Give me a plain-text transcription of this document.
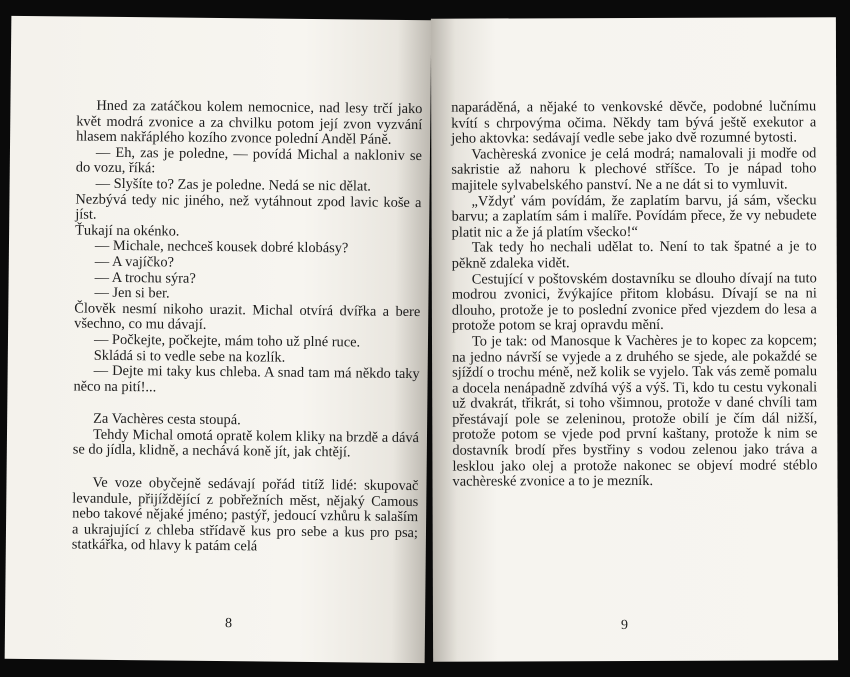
Hned za zatáčkou kolem nemocnice, nad lesy trčí jako květ modrá zvonice a za chvilku potom její zvon vyzvání hlasem nakřáplého kozího zvonce polední Anděl Páně.

— Eh, zas je poledne, — povídá Michal a nakloniv se do vozu, říká:

— Slyšíte to? Zas je poledne. Nedá se nic dělat.

Nezbývá tedy nic jiného, než vytáhnout zpod lavic koše a jíst.

Ťukají na okénko.

— Michale, nechceš kousek dobré klobásy?

— A vajíčko?

— A trochu sýra?

— Jen si ber.

Člověk nesmí nikoho urazit. Michal otvírá dvířka a bere všechno, co mu dávají.

— Počkejte, počkejte, mám toho už plné ruce.

Skládá si to vedle sebe na kozlík.

— Dejte mi taky kus chleba. A snad tam má někdo taky něco na pití!...

Za Vachères cesta stoupá.

Tehdy Michal omotá opratě kolem kliky na brzdě a dává se do jídla, klidně, a nechává koně jít, jak chtějí.

Ve voze obyčejně sedávají pořád titíž lidé: skupovač levandule, přijíždějící z pobřežních měst, nějaký Camous nebo takové nějaké jméno; pastýř, jedoucí vzhůru k salaším a ukrajující z chleba střídavě kus pro sebe a kus pro psa; statkářka, od hlavy k patám celá

8

naparáděná, a nějaké to venkovské děvče, podobné lučnímu kvítí s chrpovýma očima. Někdy tam bývá ještě exekutor a jeho aktovka: sedávají vedle sebe jako dvě rozumné bytosti.

Vachèreská zvonice je celá modrá; namalovali ji modře od sakristie až nahoru k plechové stříšce. To je nápad toho majitele sylvabelského panství. Ne a ne dát si to vymluvit.

„Vždyť vám povídám, že zaplatím barvu, já sám, všecku barvu; a zaplatím sám i malíře. Povídám přece, že vy nebudete platit nic a že já platím všecko!“

Tak tedy ho nechali udělat to. Není to tak špatné a je to pěkně zdaleka vidět.

Cestující v poštovském dostavníku se dlouho dívají na tuto modrou zvonici, žvýkajíce přitom klobásu. Dívají se na ni dlouho, protože je to poslední zvonice před vjezdem do lesa a protože potom se kraj opravdu mění.

To je tak: od Manosque k Vachères je to kopec za kopcem; na jedno návrší se vyjede a z druhého se sjede, ale pokaždé se sjíždí o trochu méně, než kolik se vyjelo. Tak vás země pomalu a docela nenápadně zdvíhá výš a výš. Ti, kdo tu cestu vykonali už dvakrát, třikrát, si toho všimnou, protože v dané chvíli tam přestávají pole se zeleninou, protože obilí je čím dál nižší, protože potom se vjede pod první kaštany, protože k nim se dostavník brodí přes bystřiny s vodou zelenou jako tráva a lesklou jako olej a protože nakonec se objeví modré stéblo vachèreské zvonice a to je mezník.

9
